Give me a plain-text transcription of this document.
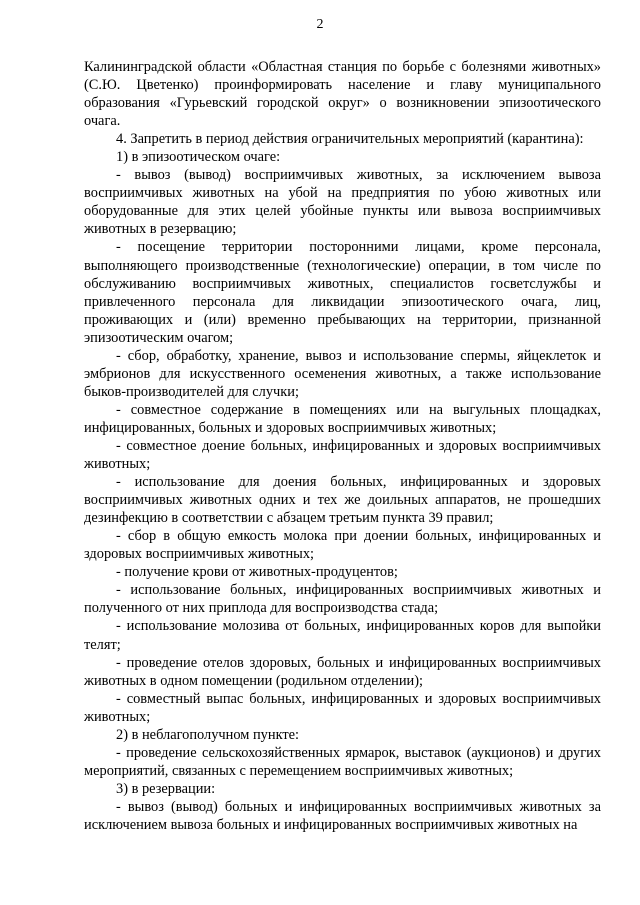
2

Калининградской области «Областная станция по борьбе с болезнями животных» (С.Ю. Цветенко) проинформировать население и главу муниципального образования «Гурьевский городской округ» о возникновении эпизоотического очага.

4. Запретить в период действия ограничительных мероприятий (карантина):

1) в эпизоотическом очаге:

- вывоз (вывод) восприимчивых животных, за исключением вывоза восприимчивых животных на убой на предприятия по убою животных или оборудованные для этих целей убойные пункты или вывоза восприимчивых животных в резервацию;

- посещение территории посторонними лицами, кроме персонала, выполняющего производственные (технологические) операции, в том числе по обслуживанию восприимчивых животных, специалистов госветслужбы и привлеченного персонала для ликвидации эпизоотического очага, лиц, проживающих и (или) временно пребывающих на территории, признанной эпизоотическим очагом;

- сбор, обработку, хранение, вывоз и использование спермы, яйцеклеток и эмбрионов для искусственного осеменения животных, а также использование быков-производителей для случки;

- совместное содержание в помещениях или на выгульных площадках, инфицированных, больных и здоровых восприимчивых животных;

- совместное доение больных, инфицированных и здоровых восприимчивых животных;

- использование для доения больных, инфицированных и здоровых восприимчивых животных одних и тех же доильных аппаратов, не прошедших дезинфекцию в соответствии с абзацем третьим пункта 39 правил;

- сбор в общую емкость молока при доении больных, инфицированных и здоровых восприимчивых животных;

- получение крови от животных-продуцентов;

- использование больных, инфицированных восприимчивых животных и полученного от них приплода для воспроизводства стада;

- использование молозива от больных, инфицированных коров для выпойки телят;

- проведение отелов здоровых, больных и инфицированных восприимчивых животных в одном помещении (родильном отделении);

- совместный выпас больных, инфицированных и здоровых восприимчивых животных;

2) в неблагополучном пункте:

- проведение сельскохозяйственных ярмарок, выставок (аукционов) и других мероприятий, связанных с перемещением восприимчивых животных;

3) в резервации:

- вывоз (вывод) больных и инфицированных восприимчивых животных за исключением вывоза больных и инфицированных восприимчивых животных на
